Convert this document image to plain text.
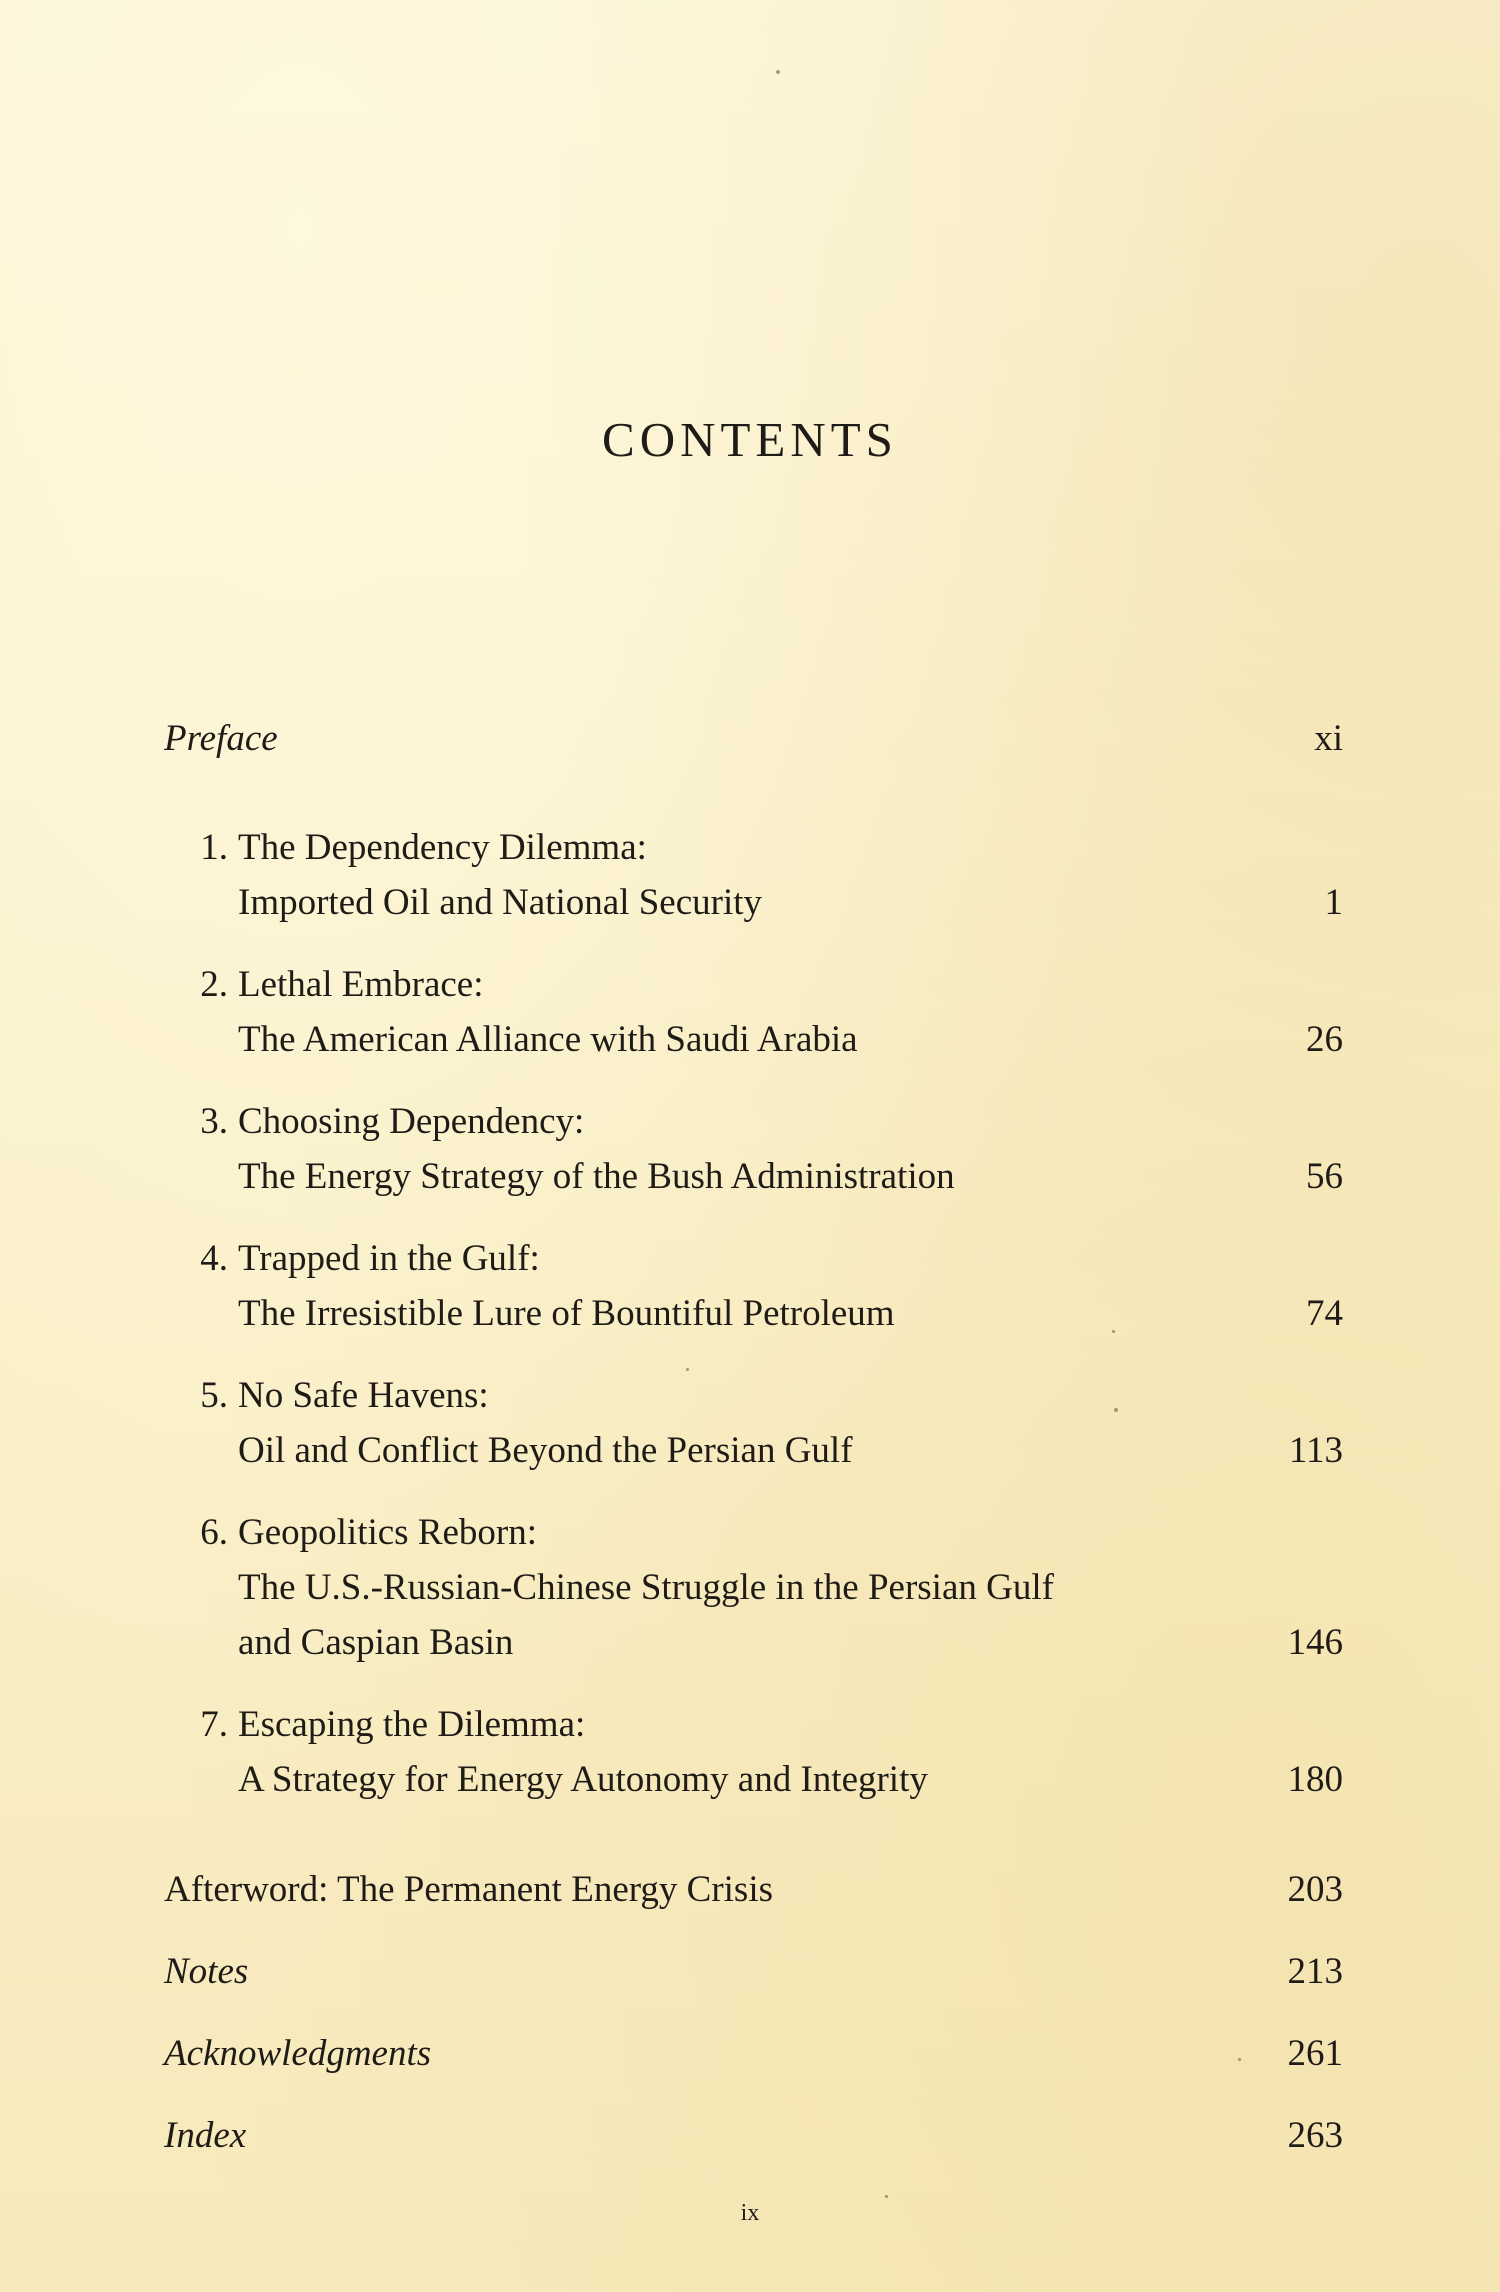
CONTENTS
Preface	xi
1. The Dependency Dilemma:
Imported Oil and National Security	1
2. Lethal Embrace:
The American Alliance with Saudi Arabia	26
3. Choosing Dependency:
The Energy Strategy of the Bush Administration	56
4. Trapped in the Gulf:
The Irresistible Lure of Bountiful Petroleum	74
5. No Safe Havens:
Oil and Conflict Beyond the Persian Gulf	113
6. Geopolitics Reborn:
The U.S.-Russian-Chinese Struggle in the Persian Gulf
and Caspian Basin	146
7. Escaping the Dilemma:
A Strategy for Energy Autonomy and Integrity	180
Afterword: The Permanent Energy Crisis	203
Notes	213
Acknowledgments	261
Index	263
ix
